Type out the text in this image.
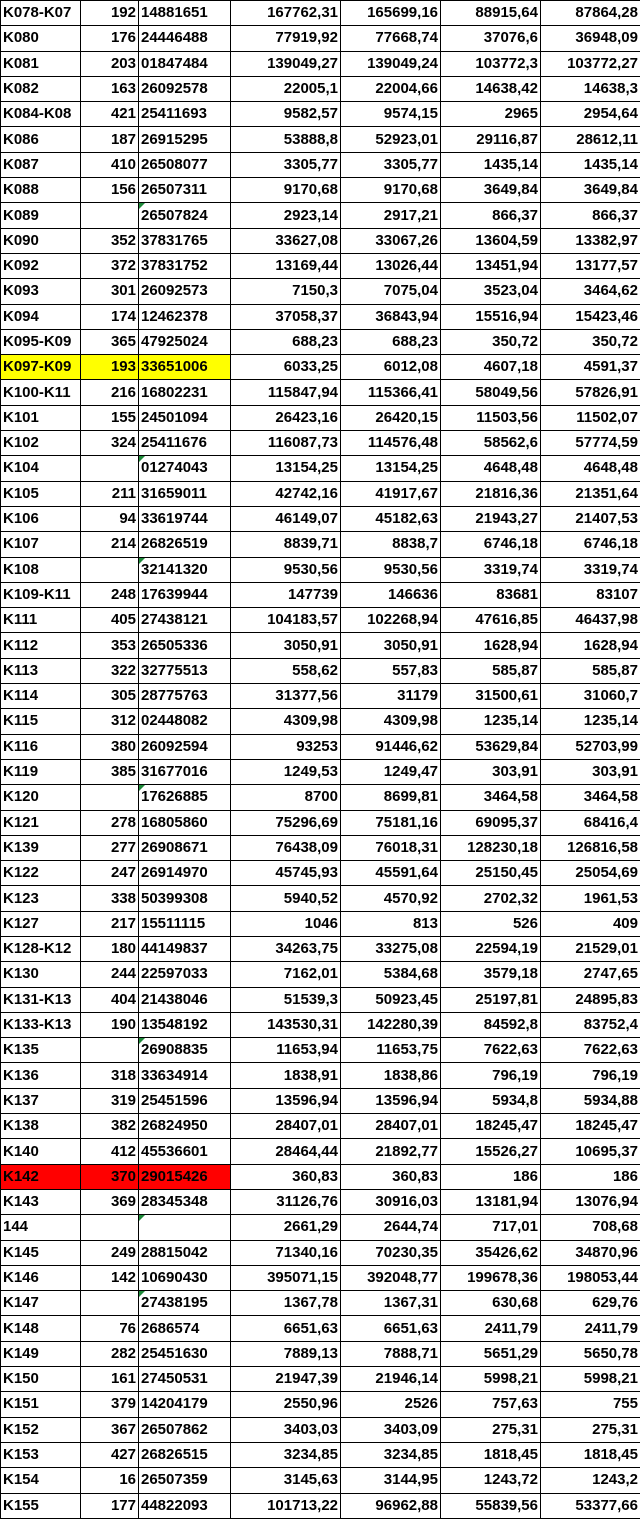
K078-K07	192	14881651	167762,31	165699,16	88915,64	87864,28
K080	176	24446488	77919,92	77668,74	37076,6	36948,09
K081	203	01847484	139049,27	139049,24	103772,3	103772,27
K082	163	26092578	22005,1	22004,66	14638,42	14638,3
K084-K08	421	25411693	9582,57	9574,15	2965	2954,64
K086	187	26915295	53888,8	52923,01	29116,87	28612,11
K087	410	26508077	3305,77	3305,77	1435,14	1435,14
K088	156	26507311	9170,68	9170,68	3649,84	3649,84
K089		26507824	2923,14	2917,21	866,37	866,37
K090	352	37831765	33627,08	33067,26	13604,59	13382,97
K092	372	37831752	13169,44	13026,44	13451,94	13177,57
K093	301	26092573	7150,3	7075,04	3523,04	3464,62
K094	174	12462378	37058,37	36843,94	15516,94	15423,46
K095-K09	365	47925024	688,23	688,23	350,72	350,72
K097-K09	193	33651006	6033,25	6012,08	4607,18	4591,37
K100-K11	216	16802231	115847,94	115366,41	58049,56	57826,91
K101	155	24501094	26423,16	26420,15	11503,56	11502,07
K102	324	25411676	116087,73	114576,48	58562,6	57774,59
K104		01274043	13154,25	13154,25	4648,48	4648,48
K105	211	31659011	42742,16	41917,67	21816,36	21351,64
K106	94	33619744	46149,07	45182,63	21943,27	21407,53
K107	214	26826519	8839,71	8838,7	6746,18	6746,18
K108		32141320	9530,56	9530,56	3319,74	3319,74
K109-K11	248	17639944	147739	146636	83681	83107
K111	405	27438121	104183,57	102268,94	47616,85	46437,98
K112	353	26505336	3050,91	3050,91	1628,94	1628,94
K113	322	32775513	558,62	557,83	585,87	585,87
K114	305	28775763	31377,56	31179	31500,61	31060,7
K115	312	02448082	4309,98	4309,98	1235,14	1235,14
K116	380	26092594	93253	91446,62	53629,84	52703,99
K119	385	31677016	1249,53	1249,47	303,91	303,91
K120		17626885	8700	8699,81	3464,58	3464,58
K121	278	16805860	75296,69	75181,16	69095,37	68416,4
K139	277	26908671	76438,09	76018,31	128230,18	126816,58
K122	247	26914970	45745,93	45591,64	25150,45	25054,69
K123	338	50399308	5940,52	4570,92	2702,32	1961,53
K127	217	15511115	1046	813	526	409
K128-K12	180	44149837	34263,75	33275,08	22594,19	21529,01
K130	244	22597033	7162,01	5384,68	3579,18	2747,65
K131-K13	404	21438046	51539,3	50923,45	25197,81	24895,83
K133-K13	190	13548192	143530,31	142280,39	84592,8	83752,4
K135		26908835	11653,94	11653,75	7622,63	7622,63
K136	318	33634914	1838,91	1838,86	796,19	796,19
K137	319	25451596	13596,94	13596,94	5934,8	5934,88
K138	382	26824950	28407,01	28407,01	18245,47	18245,47
K140	412	45536601	28464,44	21892,77	15526,27	10695,37
K142	370	29015426	360,83	360,83	186	186
K143	369	28345348	31126,76	30916,03	13181,94	13076,94
144			2661,29	2644,74	717,01	708,68
K145	249	28815042	71340,16	70230,35	35426,62	34870,96
K146	142	10690430	395071,15	392048,77	199678,36	198053,44
K147		27438195	1367,78	1367,31	630,68	629,76
K148	76	2686574	6651,63	6651,63	2411,79	2411,79
K149	282	25451630	7889,13	7888,71	5651,29	5650,78
K150	161	27450531	21947,39	21946,14	5998,21	5998,21
K151	379	14204179	2550,96	2526	757,63	755
K152	367	26507862	3403,03	3403,09	275,31	275,31
K153	427	26826515	3234,85	3234,85	1818,45	1818,45
K154	16	26507359	3145,63	3144,95	1243,72	1243,2
K155	177	44822093	101713,22	96962,88	55839,56	53377,66
